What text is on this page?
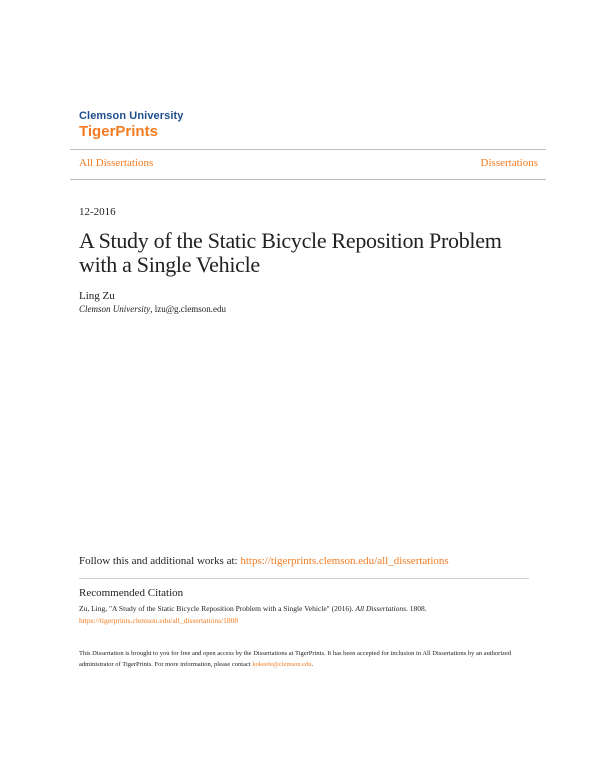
Clemson University
TigerPrints
All Dissertations	Dissertations
12-2016
A Study of the Static Bicycle Reposition Problem with a Single Vehicle
Ling Zu
Clemson University, lzu@g.clemson.edu
Follow this and additional works at: https://tigerprints.clemson.edu/all_dissertations
Recommended Citation
Zu, Ling, "A Study of the Static Bicycle Reposition Problem with a Single Vehicle" (2016). All Dissertations. 1808.
https://tigerprints.clemson.edu/all_dissertations/1808
This Dissertation is brought to you for free and open access by the Dissertations at TigerPrints. It has been accepted for inclusion in All Dissertations by an authorized administrator of TigerPrints. For more information, please contact kokeefe@clemson.edu.
